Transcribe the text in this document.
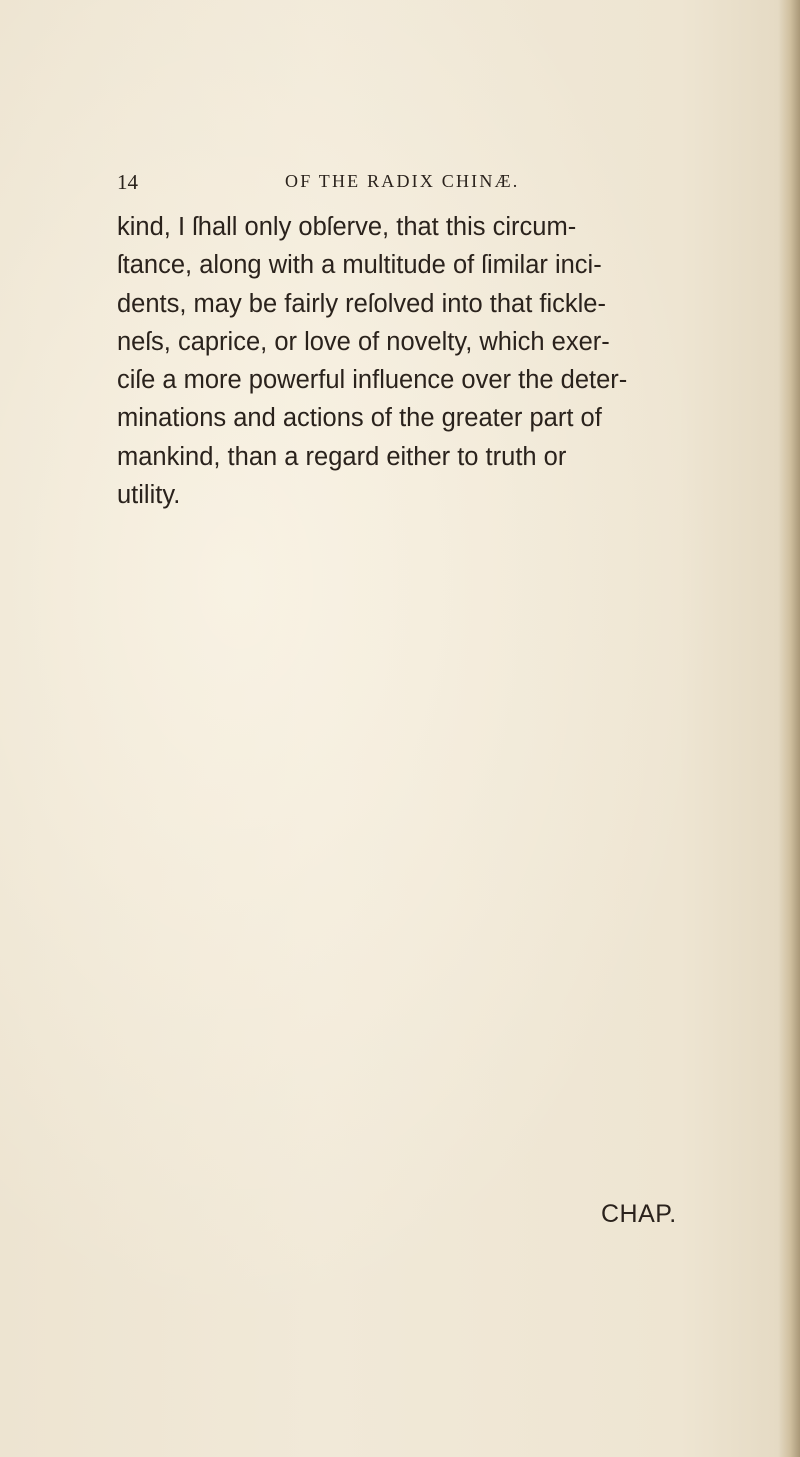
14	OF THE RADIX CHINÆ.
kind, I ſhall only obſerve, that this circum-
ſtance, along with a multitude of ſimilar inci-
dents, may be fairly reſolved into that fickle-
neſs, caprice, or love of novelty, which exer-
ciſe a more powerful influence over the deter-
minations and actions of the greater part of
mankind, than a regard either to truth or
utility.
CHAP.
